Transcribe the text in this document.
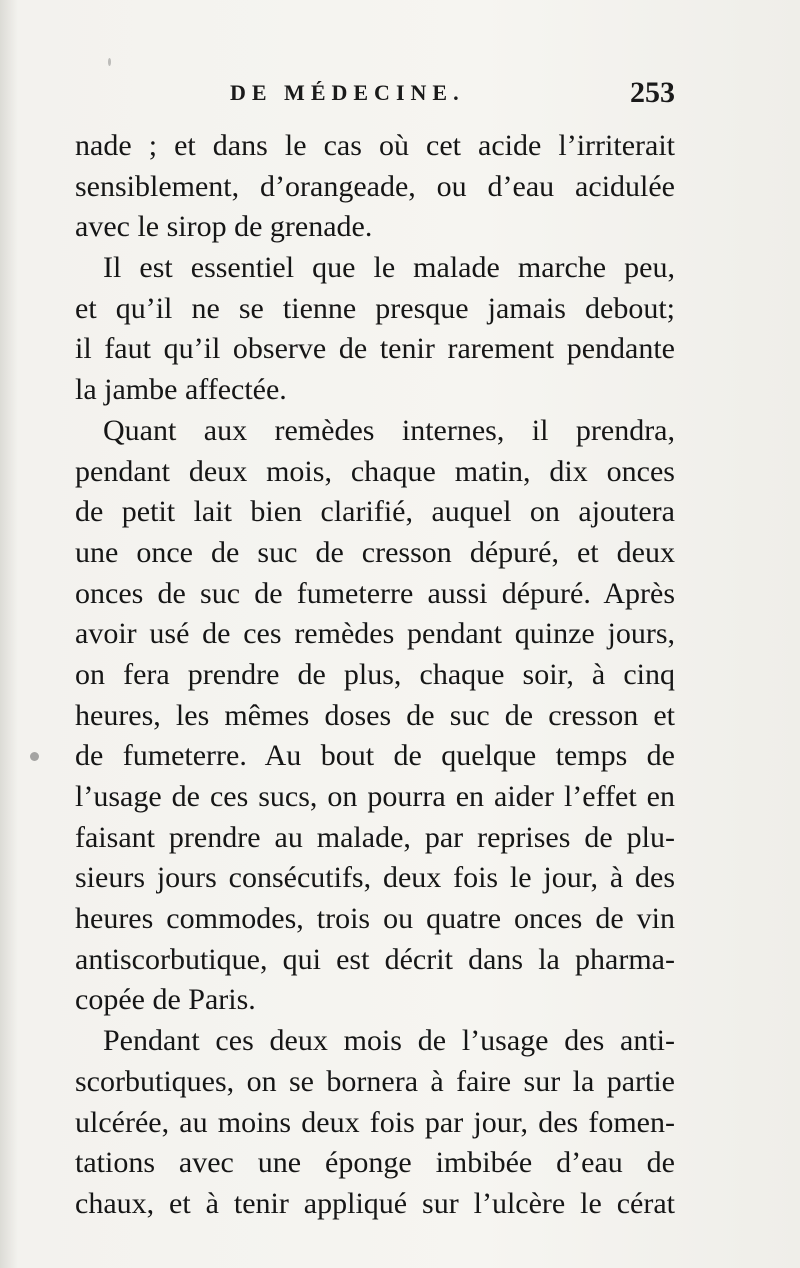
DE MÉDECINE.	253

nade ; et dans le cas où cet acide l’irriterait
sensiblement, d’orangeade, ou d’eau acidulée
avec le sirop de grenade.

Il est essentiel que le malade marche peu,
et qu’il ne se tienne presque jamais debout;
il faut qu’il observe de tenir rarement pendante
la jambe affectée.

Quant aux remèdes internes, il prendra,
pendant deux mois, chaque matin, dix onces
de petit lait bien clarifié, auquel on ajoutera
une once de suc de cresson dépuré, et deux
onces de suc de fumeterre aussi dépuré. Après
avoir usé de ces remèdes pendant quinze jours,
on fera prendre de plus, chaque soir, à cinq
heures, les mêmes doses de suc de cresson et
de fumeterre. Au bout de quelque temps de
l’usage de ces sucs, on pourra en aider l’effet en
faisant prendre au malade, par reprises de plu-
sieurs jours consécutifs, deux fois le jour, à des
heures commodes, trois ou quatre onces de vin
antiscorbutique, qui est décrit dans la pharma-
copée de Paris.

Pendant ces deux mois de l’usage des anti-
scorbutiques, on se bornera à faire sur la partie
ulcérée, au moins deux fois par jour, des fomen-
tations avec une éponge imbibée d’eau de
chaux, et à tenir appliqué sur l’ulcère le cérat
